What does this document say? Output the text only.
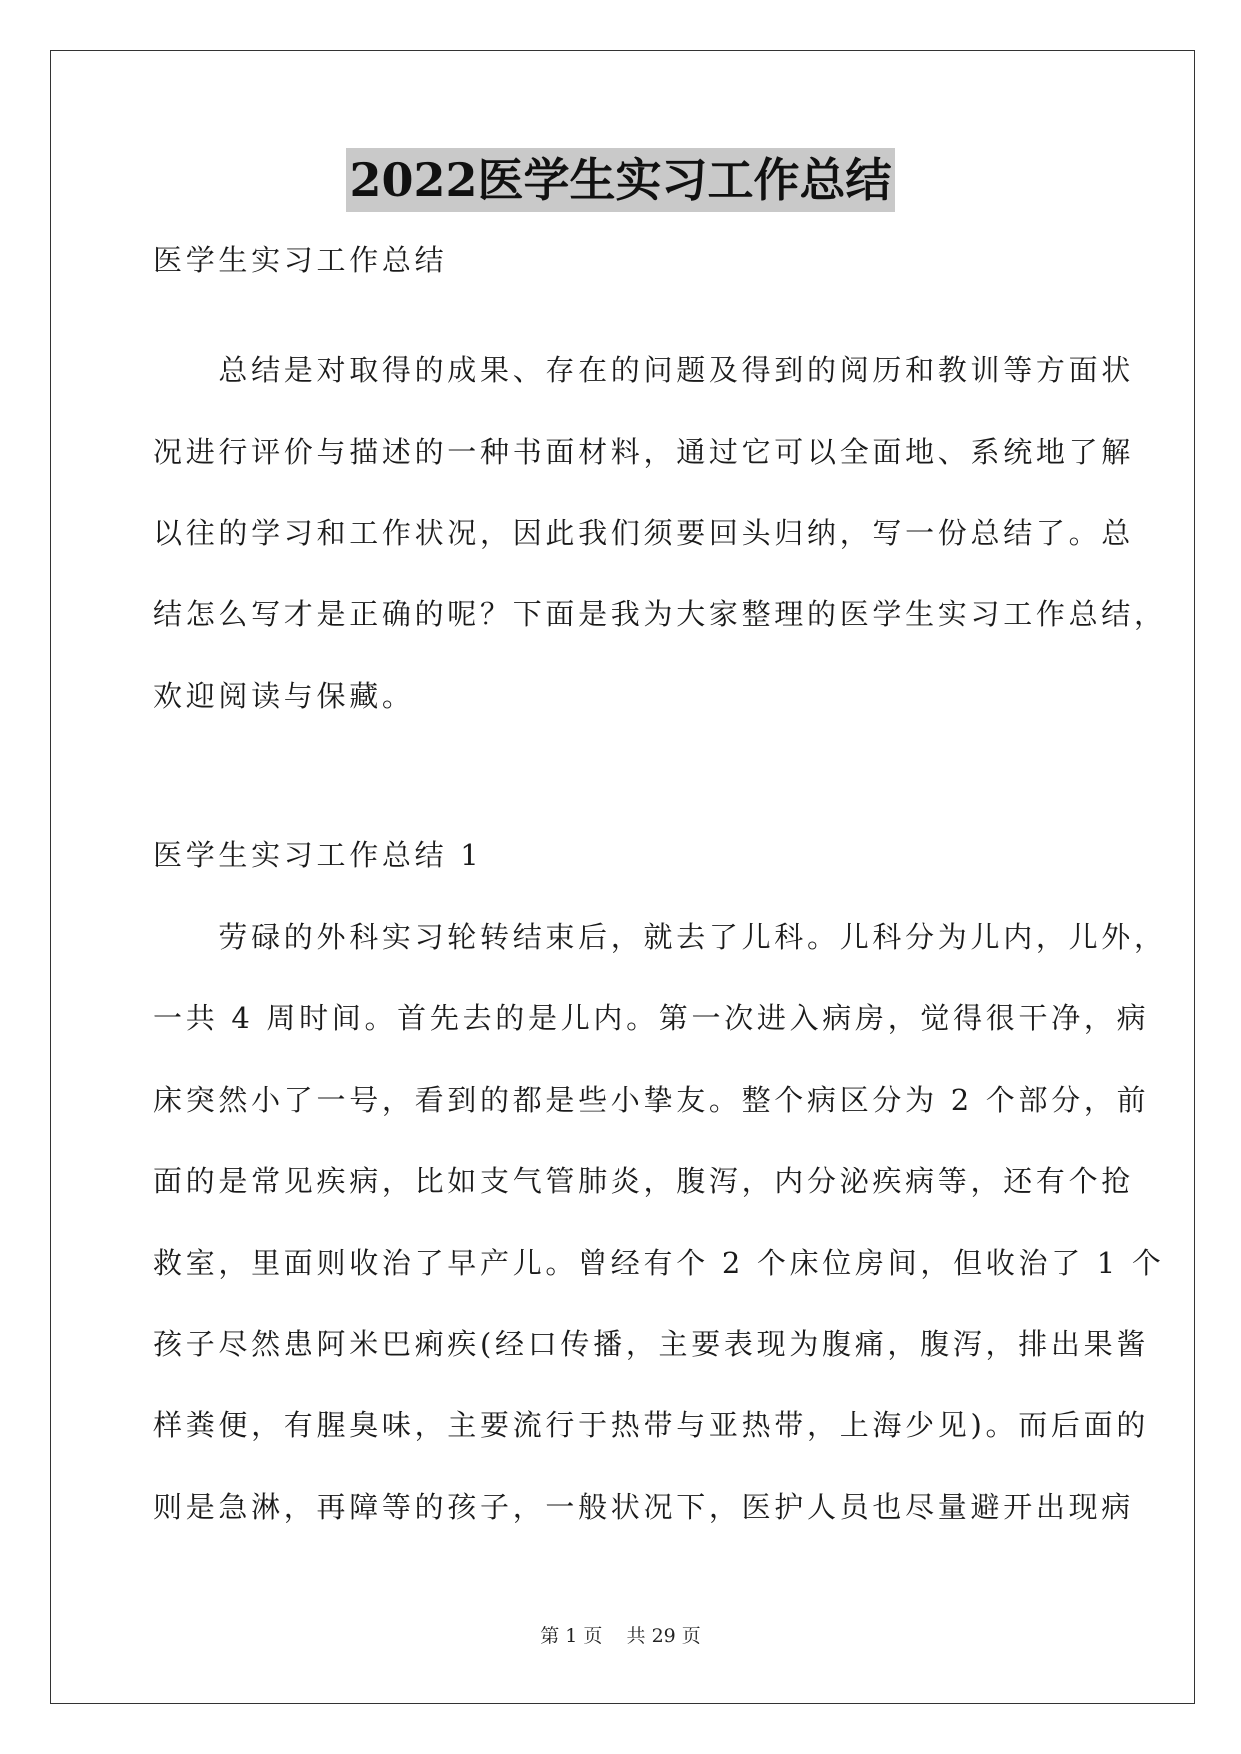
2022医学生实习工作总结
医学生实习工作总结
　　总结是对取得的成果、存在的问题及得到的阅历和教训等方面状
况进行评价与描述的一种书面材料，通过它可以全面地、系统地了解
以往的学习和工作状况，因此我们须要回头归纳，写一份总结了。总
结怎么写才是正确的呢？下面是我为大家整理的医学生实习工作总结，
欢迎阅读与保藏。
医学生实习工作总结 1
　　劳碌的外科实习轮转结束后，就去了儿科。儿科分为儿内，儿外，
一共 4 周时间。首先去的是儿内。第一次进入病房，觉得很干净，病
床突然小了一号，看到的都是些小挚友。整个病区分为 2 个部分，前
面的是常见疾病，比如支气管肺炎，腹泻，内分泌疾病等，还有个抢
救室，里面则收治了早产儿。曾经有个 2 个床位房间，但收治了 1 个
孩子尽然患阿米巴痢疾(经口传播，主要表现为腹痛，腹泻，排出果酱
样粪便，有腥臭味，主要流行于热带与亚热带，上海少见)。而后面的
则是急淋，再障等的孩子，一般状况下，医护人员也尽量避开出现病
第 1 页 共 29 页
